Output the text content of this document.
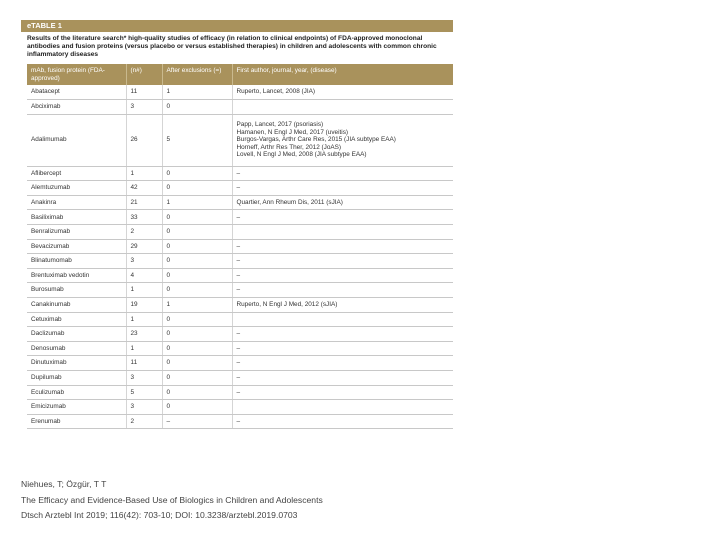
eTABLE 1
Results of the literature search* high-quality studies of efficacy (in relation to clinical endpoints) of FDA-approved monoclonal antibodies and fusion proteins (versus placebo or versus established therapies) in children and adolescents with common chronic inflammatory diseases
mAb, fusion protein (FDA-approved)	(n#)	After exclusions (=)	First author, journal, year, (disease)
Abatacept	11	1	Ruperto, Lancet, 2008 (JIA)
Abciximab	3	0	
Adalimumab	26	5	Papp, Lancet, 2017 (psoriasis)
Hamanen, N Engl J Med, 2017 (uveitis)
Burgos-Vargas, Arthr Care Res, 2015 (JIA subtype EAA)
Horneff, Arthr Res Ther, 2012 (JoAS)
Lovell, N Engl J Med, 2008 (JIA subtype EAA)
Aflibercept	1	0	–
Alemtuzumab	42	0	–
Anakinra	21	1	Quartier, Ann Rheum Dis, 2011 (sJIA)
Basiliximab	33	0	–
Benralizumab	2	0	
Bevacizumab	29	0	–
Blinatumomab	3	0	–
Brentuximab vedotin	4	0	–
Burosumab	1	0	–
Canakinumab	19	1	Ruperto, N Engl J Med, 2012 (sJIA)
Cetuximab	1	0	
Daclizumab	23	0	–
Denosumab	1	0	–
Dinutuximab	11	0	–
Dupilumab	3	0	–
Eculizumab	5	0	–
Emicizumab	3	0	
Erenumab	2	–	–
Niehues, T; Özgür, T T
The Efficacy and Evidence-Based Use of Biologics in Children and Adolescents
Dtsch Arztebl Int 2019; 116(42): 703-10; DOI: 10.3238/arztebl.2019.0703
